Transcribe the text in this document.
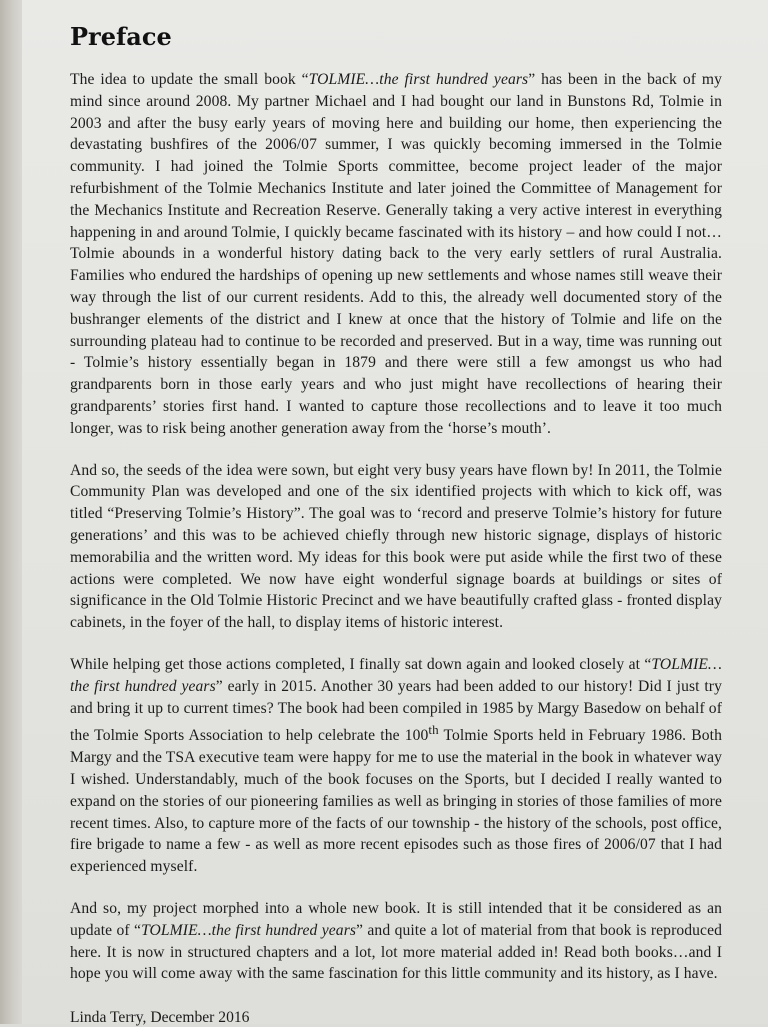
Preface

The idea to update the small book “TOLMIE…the first hundred years” has been in the back of my mind since around 2008. My partner Michael and I had bought our land in Bunstons Rd, Tolmie in 2003 and after the busy early years of moving here and building our home, then experiencing the devastating bushfires of the 2006/07 summer, I was quickly becoming immersed in the Tolmie community. I had joined the Tolmie Sports committee, become project leader of the major refurbishment of the Tolmie Mechanics Institute and later joined the Committee of Management for the Mechanics Institute and Recreation Reserve. Generally taking a very active interest in everything happening in and around Tolmie, I quickly became fascinated with its history – and how could I not…Tolmie abounds in a wonderful history dating back to the very early settlers of rural Australia. Families who endured the hardships of opening up new settlements and whose names still weave their way through the list of our current residents. Add to this, the already well documented story of the bushranger elements of the district and I knew at once that the history of Tolmie and life on the surrounding plateau had to continue to be recorded and preserved. But in a way, time was running out - Tolmie’s history essentially began in 1879 and there were still a few amongst us who had grandparents born in those early years and who just might have recollections of hearing their grandparents’ stories first hand. I wanted to capture those recollections and to leave it too much longer, was to risk being another generation away from the ‘horse’s mouth’.

And so, the seeds of the idea were sown, but eight very busy years have flown by! In 2011, the Tolmie Community Plan was developed and one of the six identified projects with which to kick off, was titled “Preserving Tolmie’s History”. The goal was to ‘record and preserve Tolmie’s history for future generations’ and this was to be achieved chiefly through new historic signage, displays of historic memorabilia and the written word. My ideas for this book were put aside while the first two of these actions were completed. We now have eight wonderful signage boards at buildings or sites of significance in the Old Tolmie Historic Precinct and we have beautifully crafted glass - fronted display cabinets, in the foyer of the hall, to display items of historic interest.

While helping get those actions completed, I finally sat down again and looked closely at “TOLMIE…the first hundred years” early in 2015. Another 30 years had been added to our history! Did I just try and bring it up to current times? The book had been compiled in 1985 by Margy Basedow on behalf of the Tolmie Sports Association to help celebrate the 100th Tolmie Sports held in February 1986. Both Margy and the TSA executive team were happy for me to use the material in the book in whatever way I wished. Understandably, much of the book focuses on the Sports, but I decided I really wanted to expand on the stories of our pioneering families as well as bringing in stories of those families of more recent times. Also, to capture more of the facts of our township - the history of the schools, post office, fire brigade to name a few - as well as more recent episodes such as those fires of 2006/07 that I had experienced myself.

And so, my project morphed into a whole new book. It is still intended that it be considered as an update of “TOLMIE…the first hundred years” and quite a lot of material from that book is reproduced here. It is now in structured chapters and a lot, lot more material added in! Read both books…and I hope you will come away with the same fascination for this little community and its history, as I have.

Linda Terry, December 2016
